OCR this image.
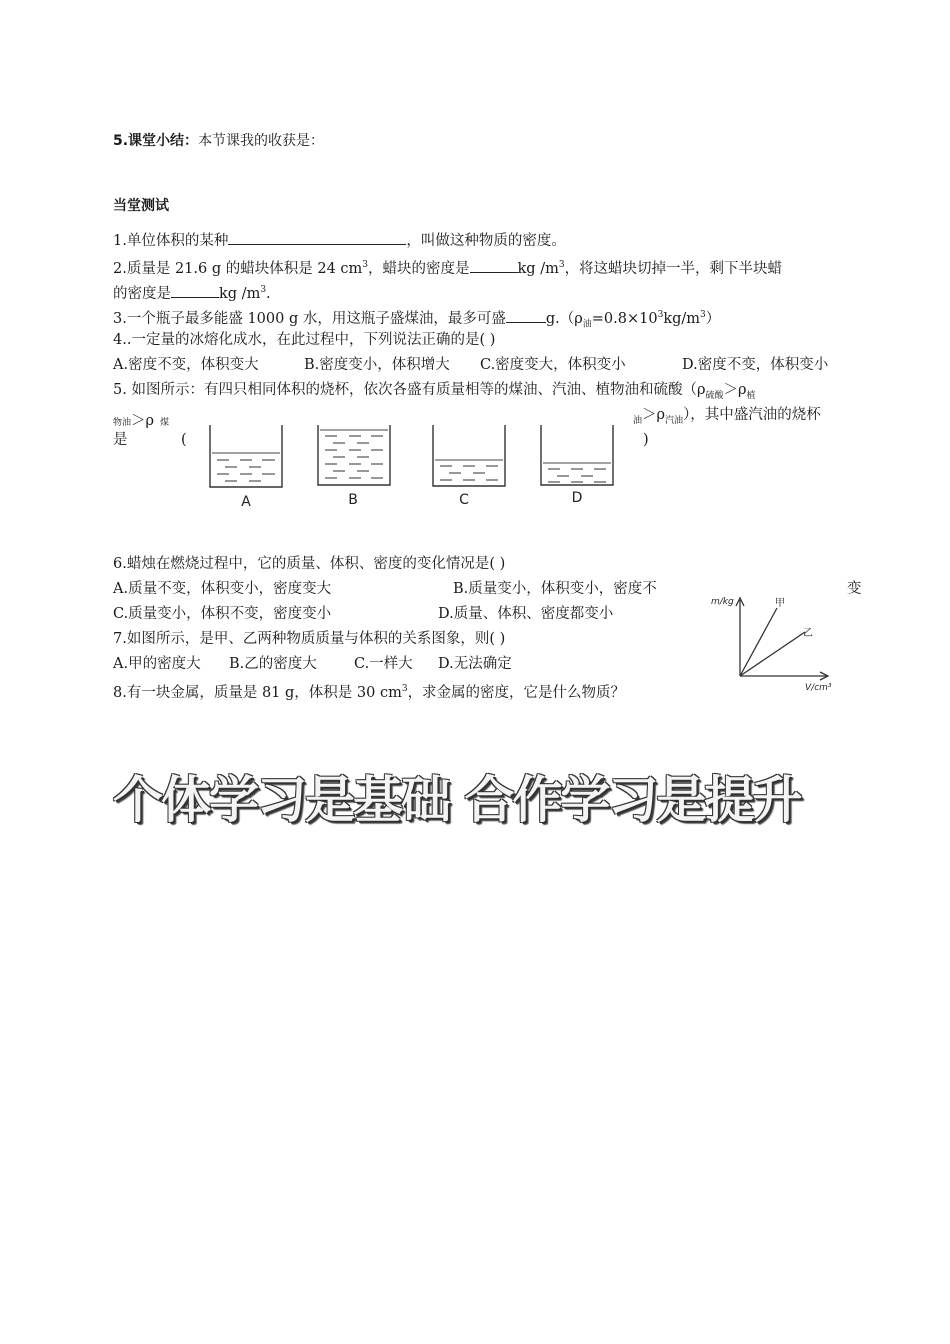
5.课堂小结：本节课我的收获是：
当堂测试
1.单位体积的某种	，叫做这种物质的密度。
2.质量是 21.6 g 的蜡块体积是 24 $cm^3$，蜡块的密度是	kg $/m^3$，将这蜡块切掉一半，剩下半块蜡
的密度是	kg $/m^3$.
3.一个瓶子最多能盛 1000 g 水，用这瓶子盛煤油，最多可盛	$g.(\rho_油=0.8\times 10^3kg/m^3)$
4..一定量的冰熔化成水，在此过程中，下列说法正确的是( )
A.密度不变，体积变大	B.密度变小，体积增大 C.密度变大，体积变小	D.密度不变，体积变小
5. 如图所示：有四只相同体积的烧杯，依次各盛有质量相等的煤油、汽油、植物油和硫酸（$\rho_{硫酸}>\rho_植$
物油＞ρ 煤	$_油>\rho_{汽油}$），其中盛汽油的烧杯
是	(	)
A	B	C	D
6.蜡烛在燃烧过程中，它的质量、体积、密度的变化情况是( )
A.质量不变，体积变小，密度变大	B.质量变小，体积变小，密度不	变
C.质量变小，体积不变，密度变小	D.质量、体积、密度都变小
7.如图所示，是甲、乙两种物质质量与体积的关系图象，则( )
A.甲的密度大 B.乙的密度大	C.一样大 D.无法确定
m/kg
V/cm³
甲
乙
8.有一块金属，质量是 81 g，体积是 30 $cm^3$，求金属的密度，它是什么物质？
个体学习是基础 合作学习是提升
